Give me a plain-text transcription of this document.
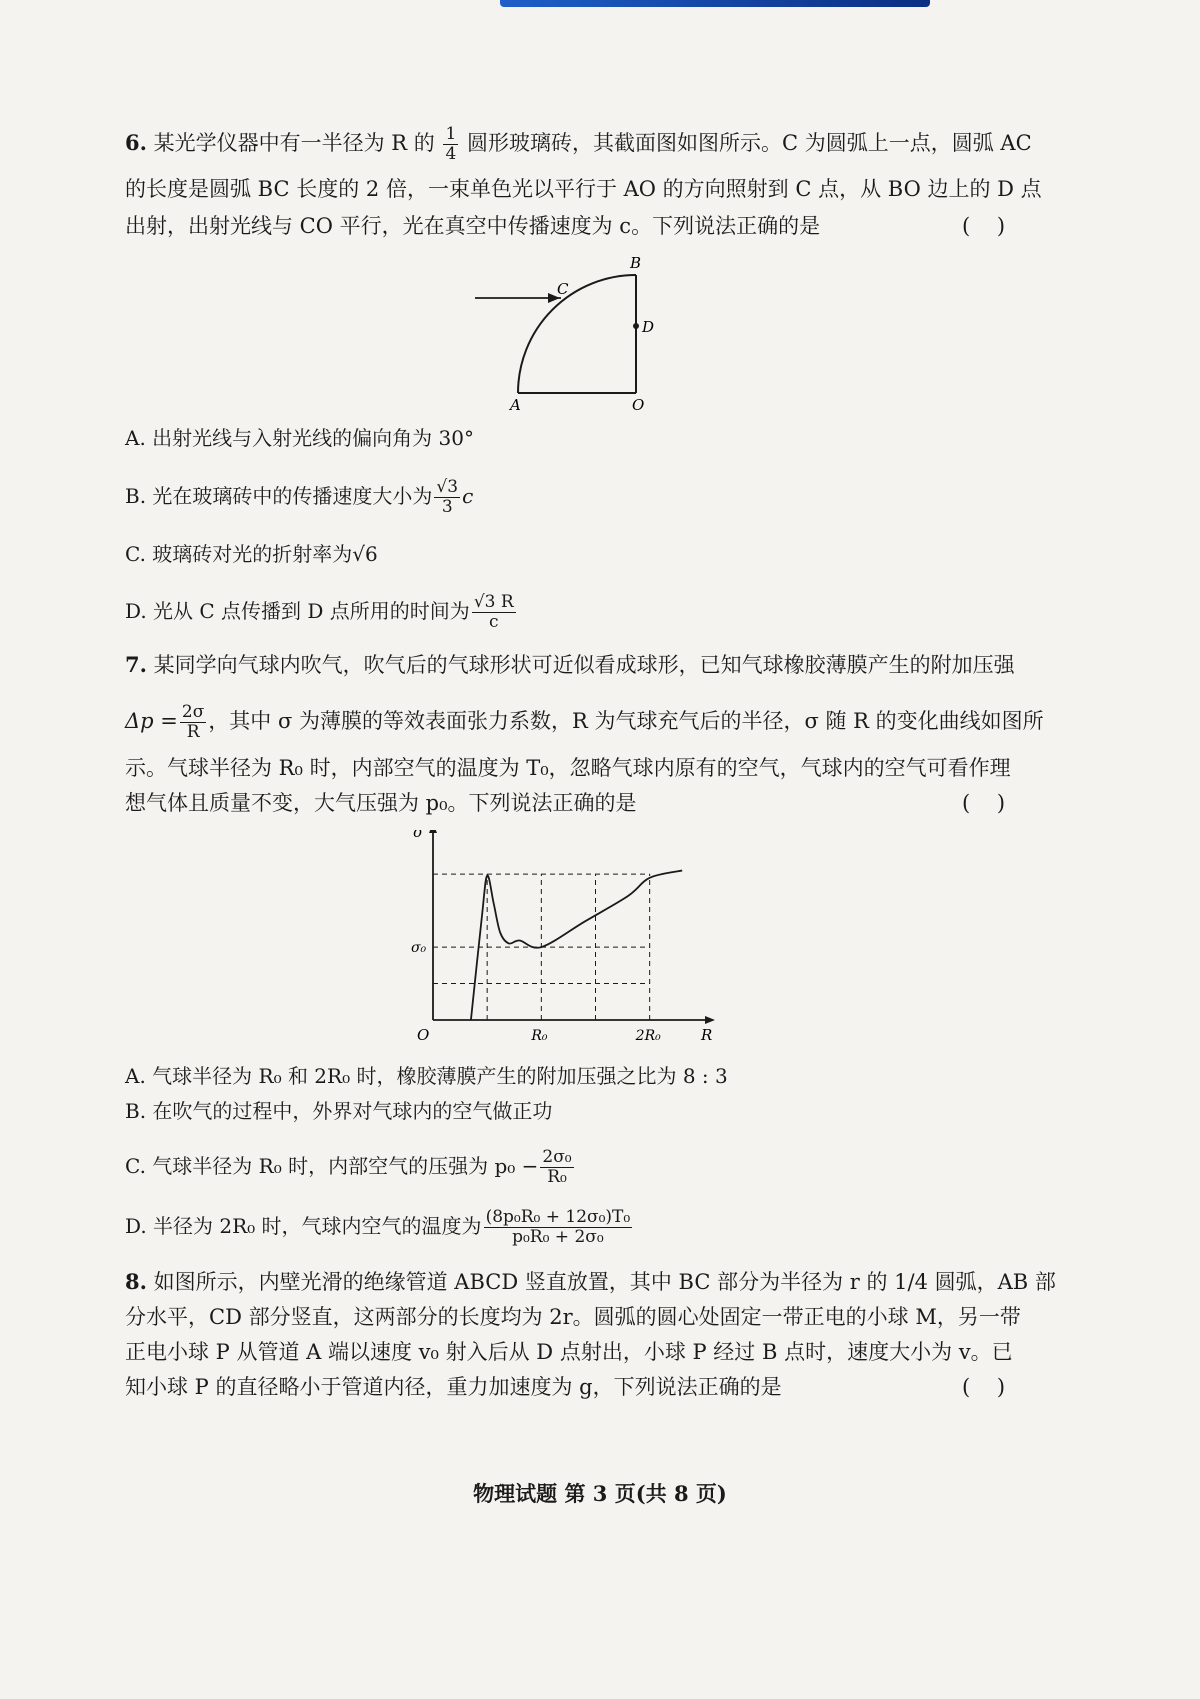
6. 某光学仪器中有一半径为 R 的 $\frac{1}{4}$ 圆形玻璃砖，其截面图如图所示。C 为圆弧上一点，圆弧 AC
的长度是圆弧 BC 长度的 2 倍，一束单色光以平行于 AO 的方向照射到 C 点，从 BO 边上的 D 点
出射，出射光线与 CO 平行，光在真空中传播速度为 c。下列说法正确的是	(    )
C
B
D
A	O
A. 出射光线与入射光线的偏向角为 30°
B. 光在玻璃砖中的传播速度大小为 $\frac{√3}{3}$ c
C. 玻璃砖对光的折射率为√6
D. 光从 C 点传播到 D 点所用的时间为 $\frac{√3 R}{c}$
7. 某同学向气球内吹气，吹气后的气球形状可近似看成球形，已知气球橡胶薄膜产生的附加压强
$\Delta p = \frac{2\sigma}{R}$ ，其中 σ 为薄膜的等效表面张力系数，R 为气球充气后的半径，σ 随 R 的变化曲线如图所
示。气球半径为 R₀ 时，内部空气的温度为 T₀，忽略气球内原有的空气，气球内的空气可看作理
想气体且质量不变，大气压强为 p₀。下列说法正确的是	(    )
σ
R
O	R₀	2R₀
σ₀
A. 气球半径为 R₀ 和 2R₀ 时，橡胶薄膜产生的附加压强之比为 8 : 3
B. 在吹气的过程中，外界对气球内的空气做正功
C. 气球半径为 R₀ 时，内部空气的压强为 $p_0 - \frac{\text{2σ₀}}{\text{R₀}}$
D. 半径为 2R₀ 时，气球内空气的温度为 $\frac{\text{(8p₀R₀ + 12σ₀)T₀}}{\text{p₀R₀ + 2σ₀}}$
8. 如图所示，内壁光滑的绝缘管道 ABCD 竖直放置，其中 BC 部分为半径为 r 的 1/4 圆弧，AB 部
分水平，CD 部分竖直，这两部分的长度均为 2r。圆弧的圆心处固定一带正电的小球 M，另一带
正电小球 P 从管道 A 端以速度 v₀ 射入后从 D 点射出，小球 P 经过 B 点时，速度大小为 v。已
知小球 P 的直径略小于管道内径，重力加速度为 g，下列说法正确的是	(    )
物理试题 第 3 页(共 8 页)
